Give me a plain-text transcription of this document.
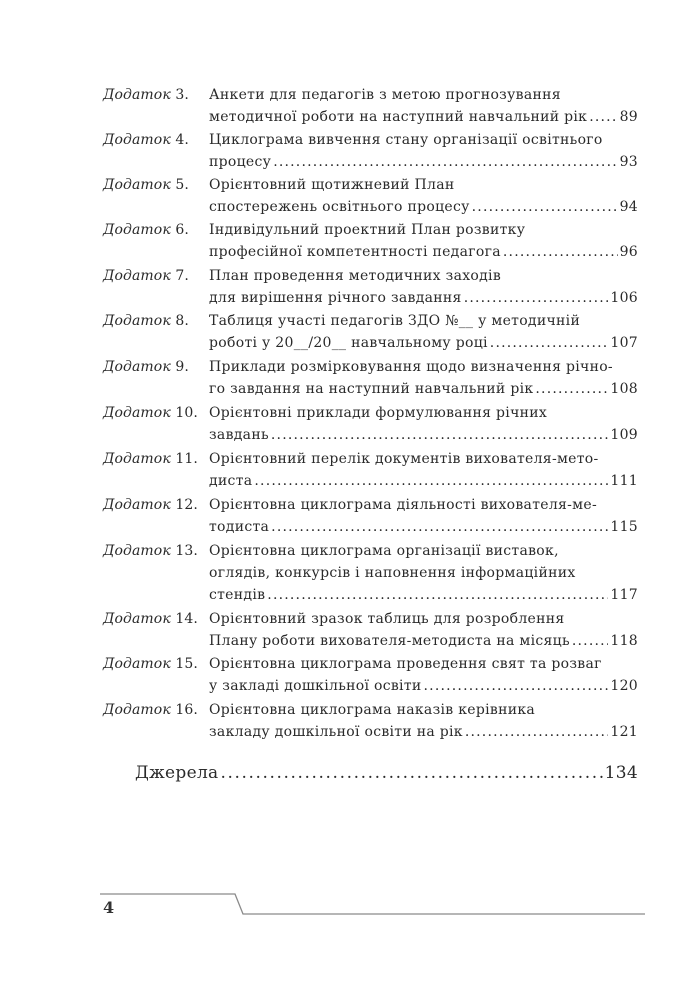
Додаток 3.	Анкети для педагогів з метою прогнозування
методичної роботи на наступний навчальний рік ..... 89
Додаток 4.	Циклограма вивчення стану організації освітнього
процесу .....	93
Додаток 5.	Орієнтовний щотижневий План
спостережень освітнього процесу .....	94
Додаток 6.	Індивідульний проектний План розвитку
професійної компетентності педагога .....	96
Додаток 7.	План проведення методичних заходів
для вирішення річного завдання .....	106
Додаток 8.	Таблиця участі педагогів ЗДО №__ у методичній
роботі у 20__/20__ навчальному році .....	107
Додаток 9.	Приклади розмірковування щодо визначення річно-
го завдання на наступний навчальний рік .....	108
Додаток 10. Орієнтовні приклади формулювання річних
завдань .....	109
Додаток 11. Орієнтовний перелік документів вихователя-мето-
диста .....	111
Додаток 12. Орієнтовна циклограма діяльності вихователя-ме-
тодиста .....	115
Додаток 13. Орієнтовна циклограма організації виставок,
оглядів, конкурсів і наповнення інформаційних
стендів .....	117
Додаток 14. Орієнтовний зразок таблиць для розроблення
Плану роботи вихователя-методиста на місяць .....	118
Додаток 15. Орієнтовна циклограма проведення свят та розваг
у закладі дошкільної освіти .....	120
Додаток 16. Орієнтовна циклограма наказів керівника
закладу дошкільної освіти на рік .....	121
Джерела .....	134
4
